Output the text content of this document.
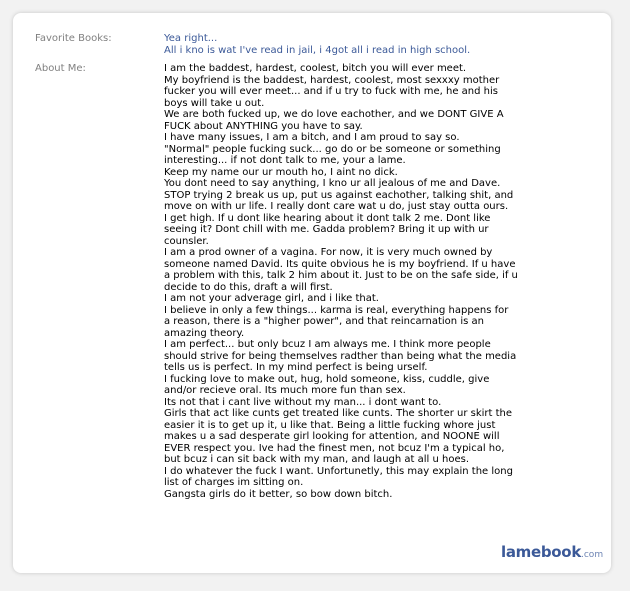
Favorite Books:	Yea right...
All i kno is wat I've read in jail, i 4got all i read in high school.
About Me:	I am the baddest, hardest, coolest, bitch you will ever meet.
My boyfriend is the baddest, hardest, coolest, most sexxxy mother
fucker you will ever meet... and if u try to fuck with me, he and his
boys will take u out.
We are both fucked up, we do love eachother, and we DONT GIVE A
FUCK about ANYTHING you have to say.
I have many issues, I am a bitch, and I am proud to say so.
"Normal" people fucking suck... go do or be someone or something
interesting... if not dont talk to me, your a lame.
Keep my name our ur mouth ho, I aint no dick.
You dont need to say anything, I kno ur all jealous of me and Dave.
STOP trying 2 break us up, put us against eachother, talking shit, and
move on with ur life. I really dont care wat u do, just stay outta ours.
I get high. If u dont like hearing about it dont talk 2 me. Dont like
seeing it? Dont chill with me. Gadda problem? Bring it up with ur
counsler.
I am a prod owner of a vagina. For now, it is very much owned by
someone named David. Its quite obvious he is my boyfriend. If u have
a problem with this, talk 2 him about it. Just to be on the safe side, if u
decide to do this, draft a will first.
I am not your adverage girl, and i like that.
I believe in only a few things... karma is real, everything happens for
a reason, there is a "higher power", and that reincarnation is an
amazing theory.
I am perfect... but only bcuz I am always me. I think more people
should strive for being themselves radther than being what the media
tells us is perfect. In my mind perfect is being urself.
I fucking love to make out, hug, hold someone, kiss, cuddle, give
and/or recieve oral. Its much more fun than sex.
Its not that i cant live without my man... i dont want to.
Girls that act like cunts get treated like cunts. The shorter ur skirt the
easier it is to get up it, u like that. Being a little fucking whore just
makes u a sad desperate girl looking for attention, and NOONE will
EVER respect you. Ive had the finest men, not bcuz I'm a typical ho,
but bcuz i can sit back with my man, and laugh at all u hoes.
I do whatever the fuck I want. Unfortunetly, this may explain the long
list of charges im sitting on.
Gangsta girls do it better, so bow down bitch.
lamebook.com
